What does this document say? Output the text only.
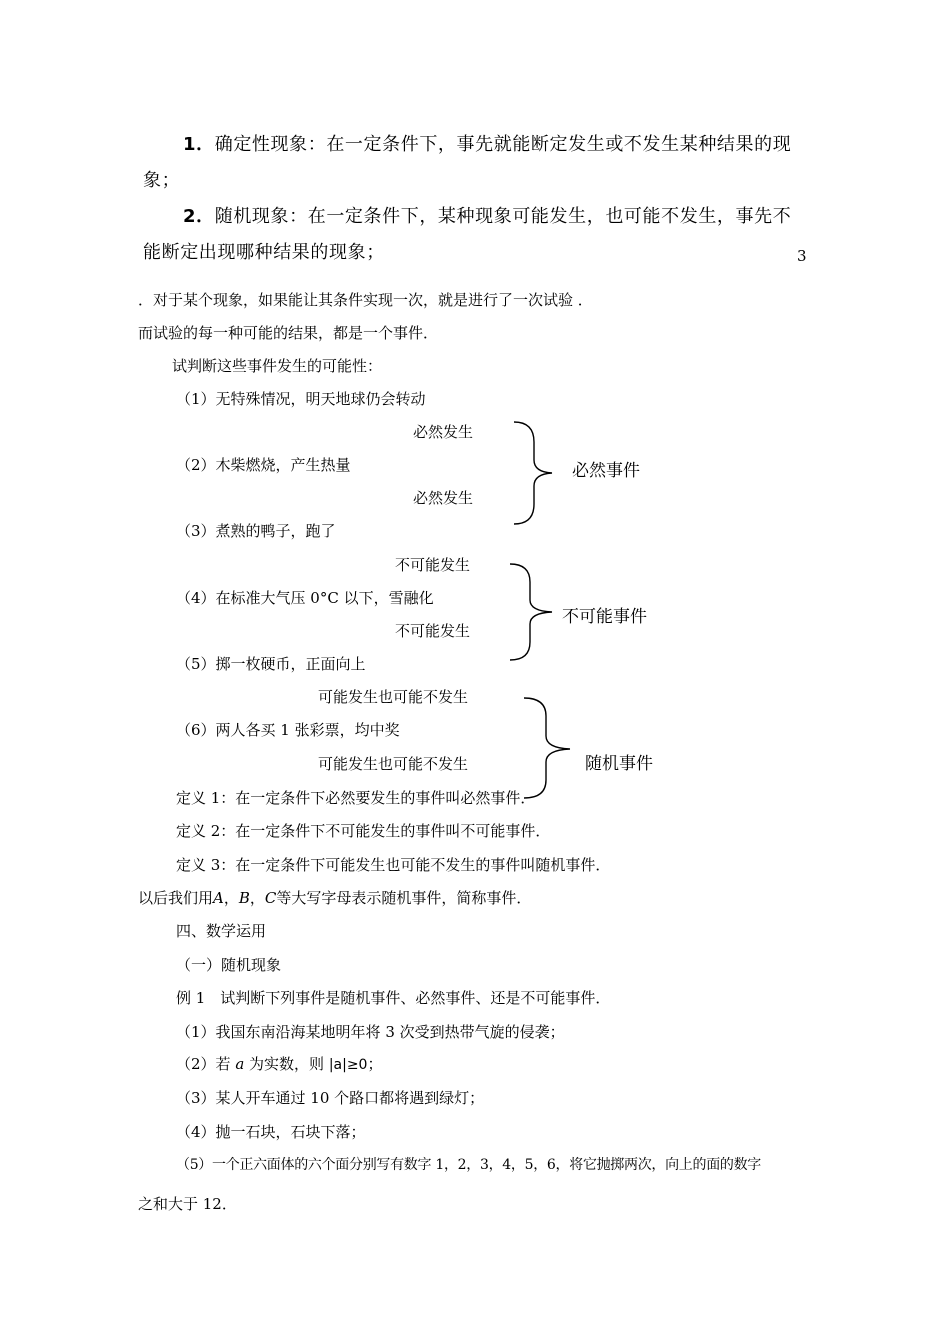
1．确定性现象：在一定条件下，事先就能断定发生或不发生某种结果的现
象；
2．随机现象：在一定条件下，某种现象可能发生，也可能不发生，事先不
能断定出现哪种结果的现象；	3
．对于某个现象，如果能让其条件实现一次，就是进行了一次试验 ．
而试验的每一种可能的结果，都是一个事件．
试判断这些事件发生的可能性：
（1）无特殊情况，明天地球仍会转动
必然发生
（2）木柴燃烧，产生热量
必然发生
（3）煮熟的鸭子，跑了
不可能发生
（4）在标准大气压 0°C 以下，雪融化
不可能发生
（5）掷一枚硬币，正面向上
可能发生也可能不发生
（6）两人各买 1 张彩票，均中奖
可能发生也可能不发生
必然事件
不可能事件
随机事件
定义 1：在一定条件下必然要发生的事件叫必然事件．
定义 2：在一定条件下不可能发生的事件叫不可能事件．
定义 3：在一定条件下可能发生也可能不发生的事件叫随机事件．
以后我们用A，B，C等大写字母表示随机事件，简称事件．
四、数学运用
（一）随机现象
例 1　试判断下列事件是随机事件、必然事件、还是不可能事件．
（1）我国东南沿海某地明年将 3 次受到热带气旋的侵袭；
（2）若 a 为实数，则 |a|≥0；
（3）某人开车通过 10 个路口都将遇到绿灯；
（4）抛一石块，石块下落；
（5）一个正六面体的六个面分别写有数字 1，2，3，4，5，6，将它抛掷两次，向上的面的数字
之和大于 12．
